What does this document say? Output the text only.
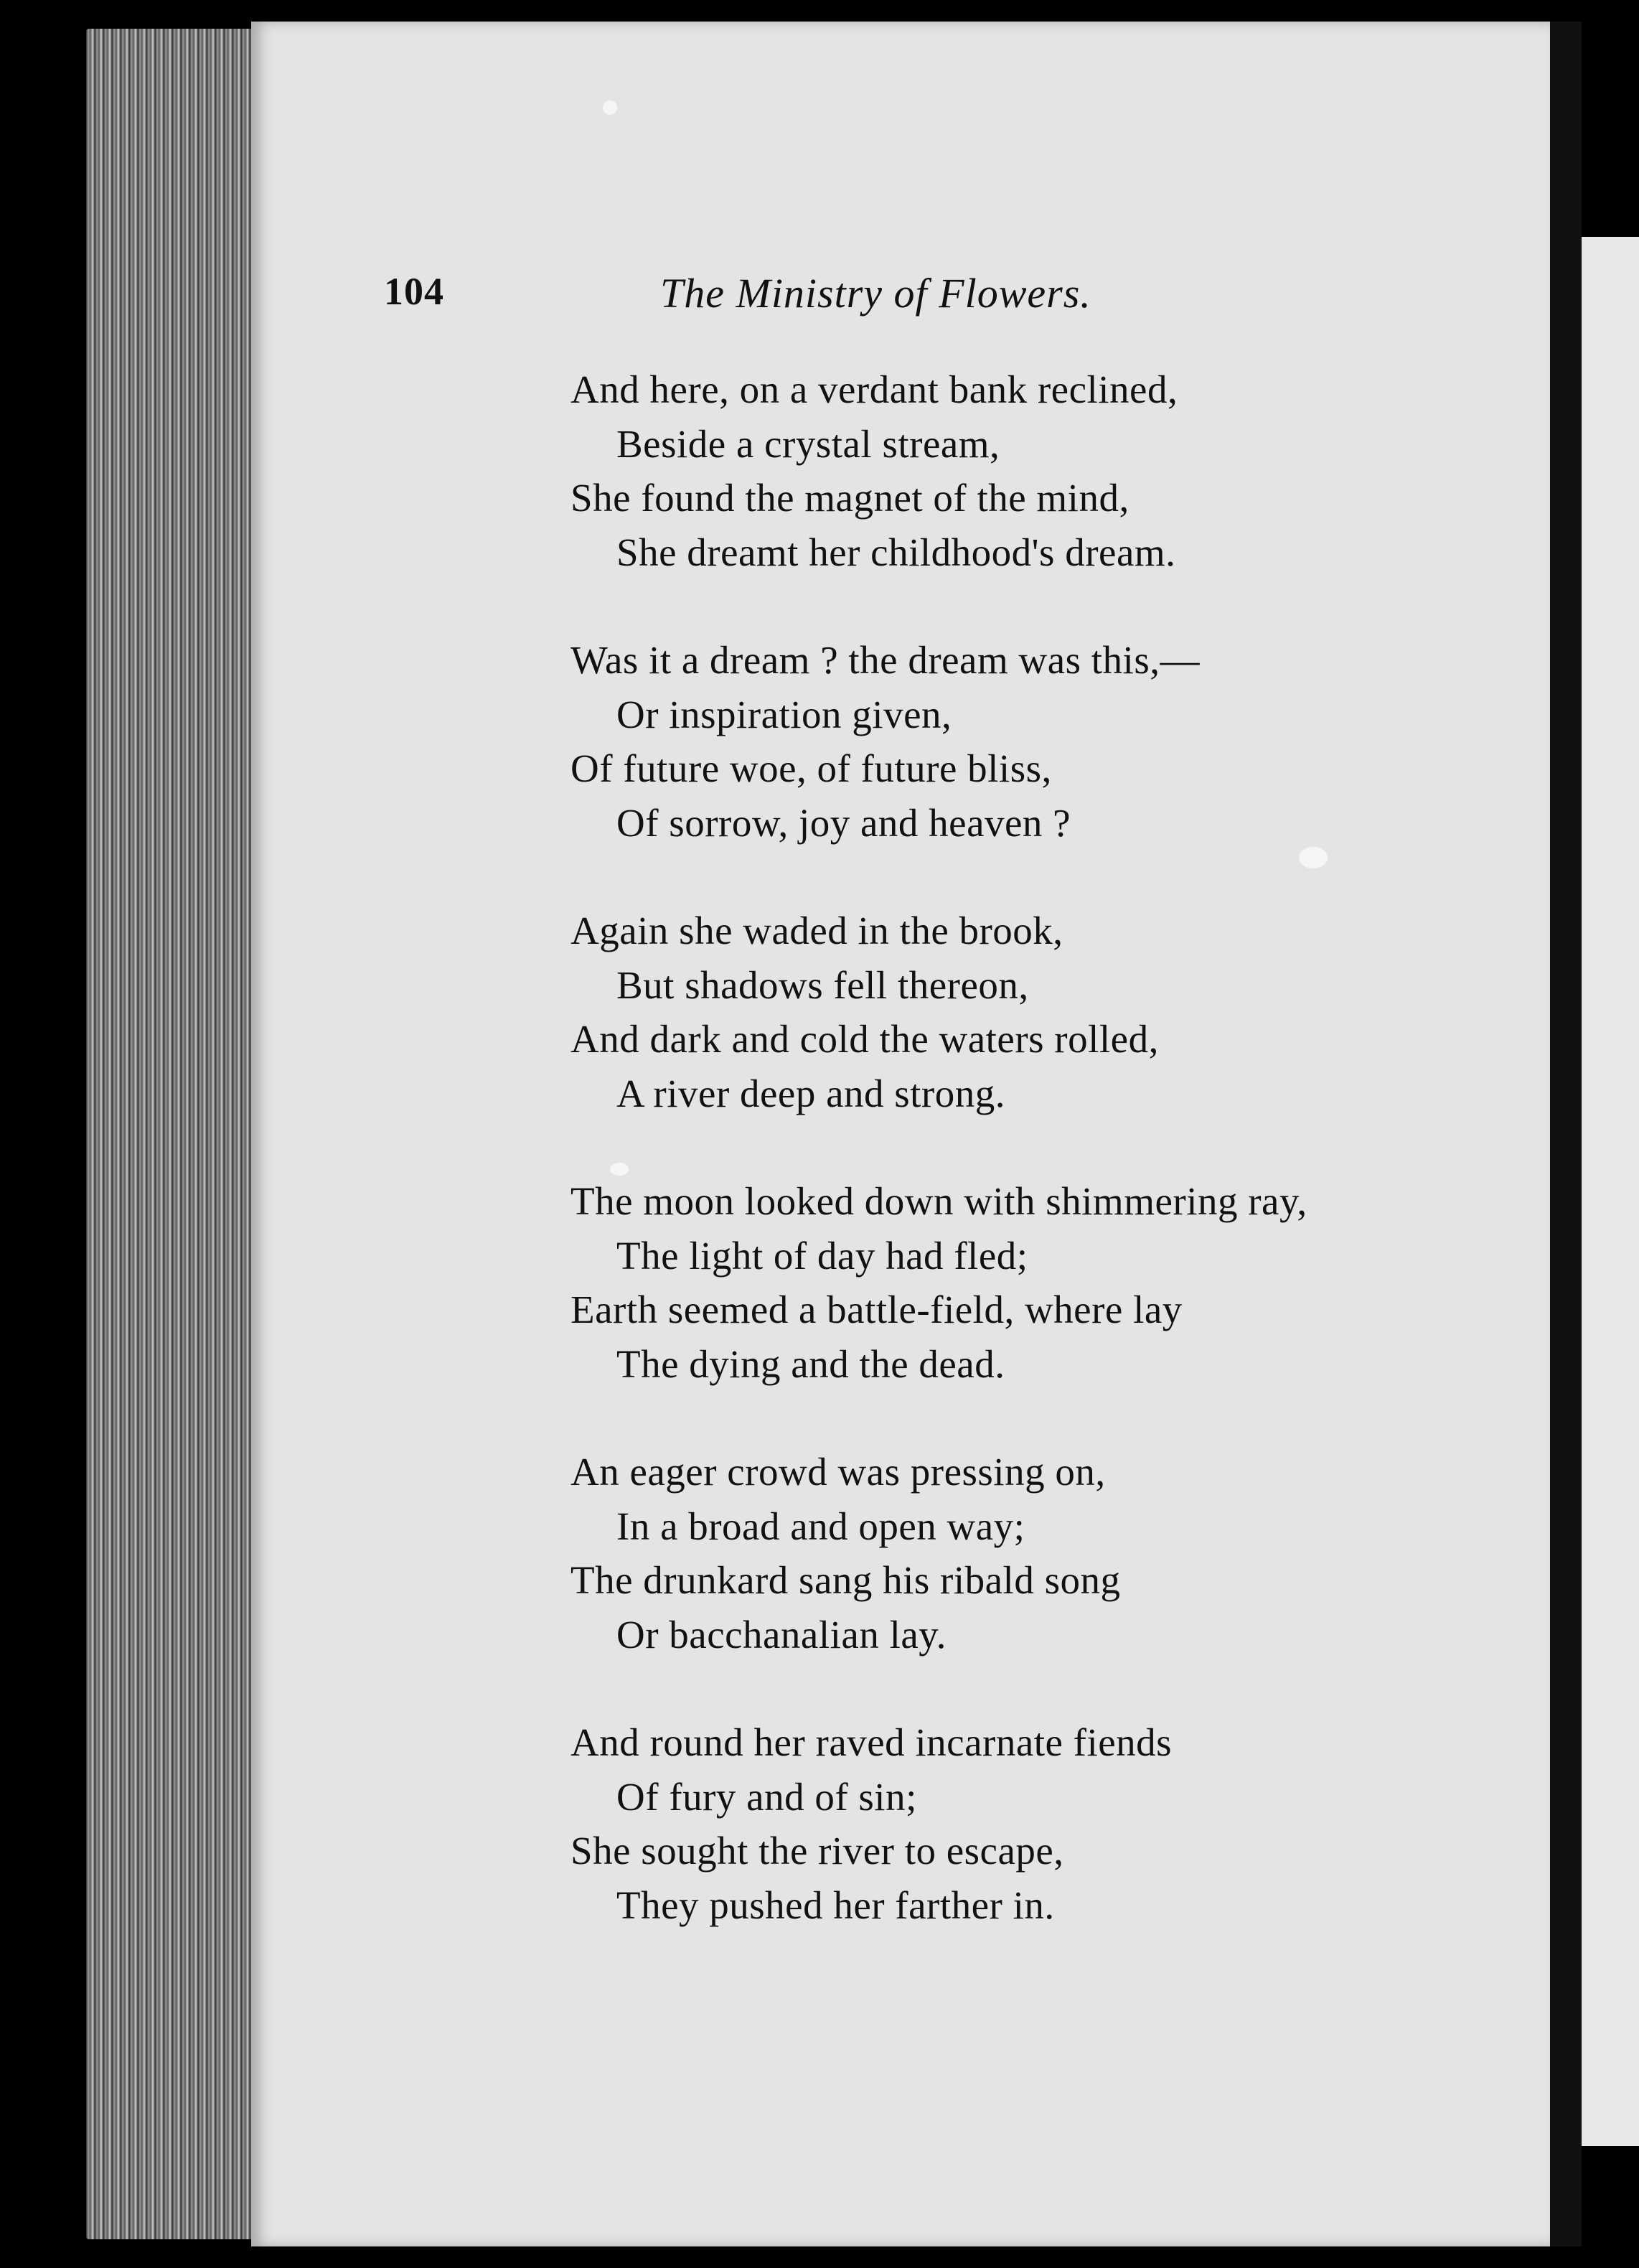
104	The Ministry of Flowers.
And here, on a verdant bank reclined,
Beside a crystal stream,
She found the magnet of the mind,
She dreamt her childhood's dream.
Was it a dream ? the dream was this,—
Or inspiration given,
Of future woe, of future bliss,
Of sorrow, joy and heaven ?
Again she waded in the brook,
But shadows fell thereon,
And dark and cold the waters rolled,
A river deep and strong.
The moon looked down with shimmering ray,
The light of day had fled;
Earth seemed a battle-field, where lay
The dying and the dead.
An eager crowd was pressing on,
In a broad and open way;
The drunkard sang his ribald song
Or bacchanalian lay.
And round her raved incarnate fiends
Of fury and of sin;
She sought the river to escape,
They pushed her farther in.
